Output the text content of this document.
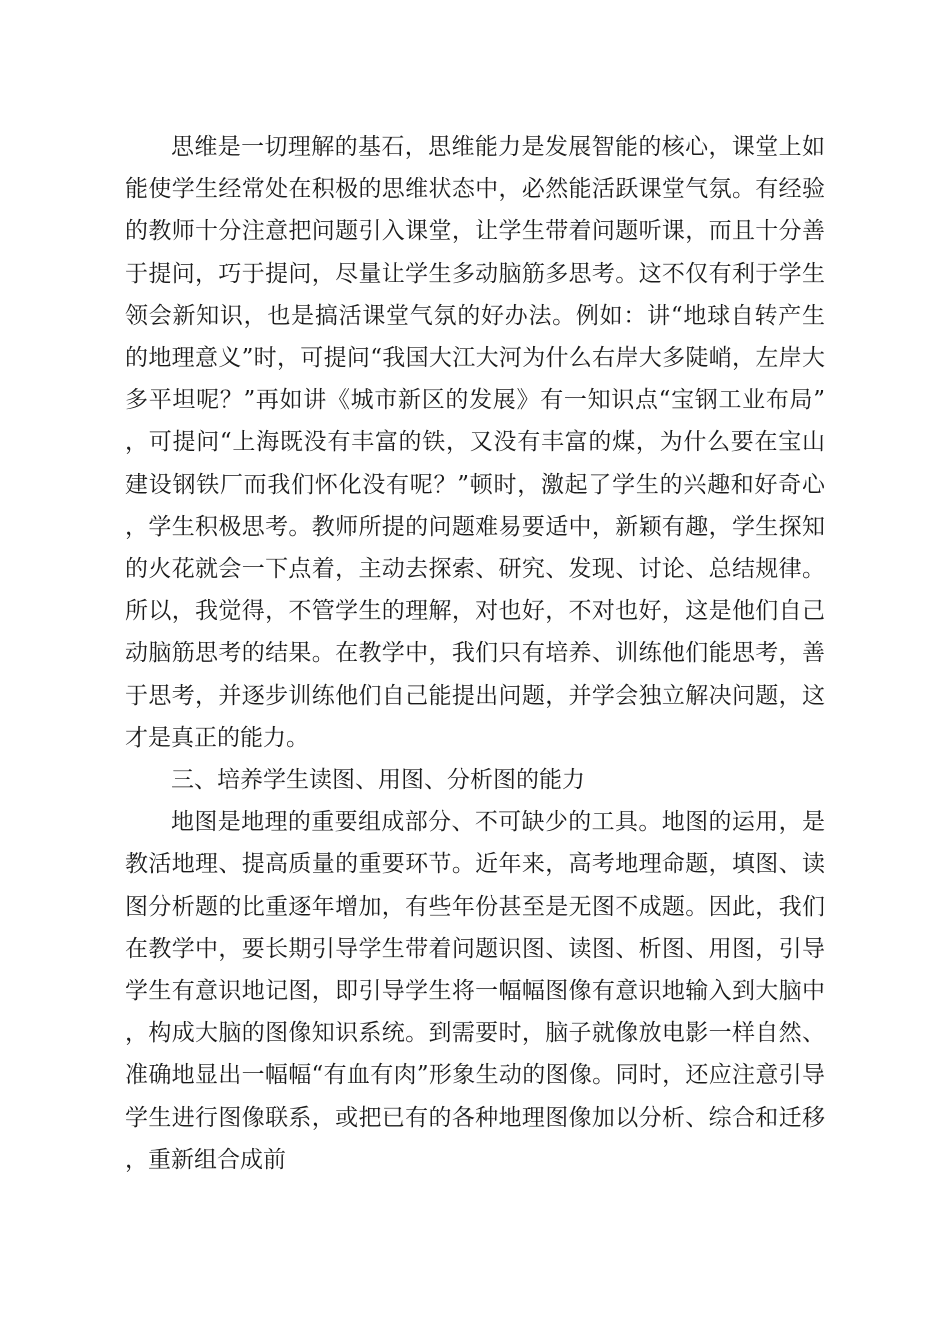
思维是一切理解的基石，思维能力是发展智能的核心，课堂上如能使学生经常处在积极的思维状态中，必然能活跃课堂气氛。有经验的教师十分注意把问题引入课堂，让学生带着问题听课，而且十分善于提问，巧于提问，尽量让学生多动脑筋多思考。这不仅有利于学生领会新知识，也是搞活课堂气氛的好办法。例如：讲“地球自转产生的地理意义”时，可提问“我国大江大河为什么右岸大多陡峭，左岸大多平坦呢？”再如讲《城市新区的发展》有一知识点“宝钢工业布局”，可提问“上海既没有丰富的铁，又没有丰富的煤，为什么要在宝山建设钢铁厂而我们怀化没有呢？”顿时，激起了学生的兴趣和好奇心，学生积极思考。教师所提的问题难易要适中，新颖有趣，学生探知的火花就会一下点着，主动去探索、研究、发现、讨论、总结规律。所以，我觉得，不管学生的理解，对也好，不对也好，这是他们自己动脑筋思考的结果。在教学中，我们只有培养、训练他们能思考，善于思考，并逐步训练他们自己能提出问题，并学会独立解决问题，这才是真正的能力。

三、培养学生读图、用图、分析图的能力

地图是地理的重要组成部分、不可缺少的工具。地图的运用，是教活地理、提高质量的重要环节。近年来，高考地理命题，填图、读图分析题的比重逐年增加，有些年份甚至是无图不成题。因此，我们在教学中，要长期引导学生带着问题识图、读图、析图、用图，引导学生有意识地记图，即引导学生将一幅幅图像有意识地输入到大脑中，构成大脑的图像知识系统。到需要时，脑子就像放电影一样自然、准确地显出一幅幅“有血有肉”形象生动的图像。同时，还应注意引导学生进行图像联系，或把已有的各种地理图像加以分析、综合和迁移，重新组合成前
